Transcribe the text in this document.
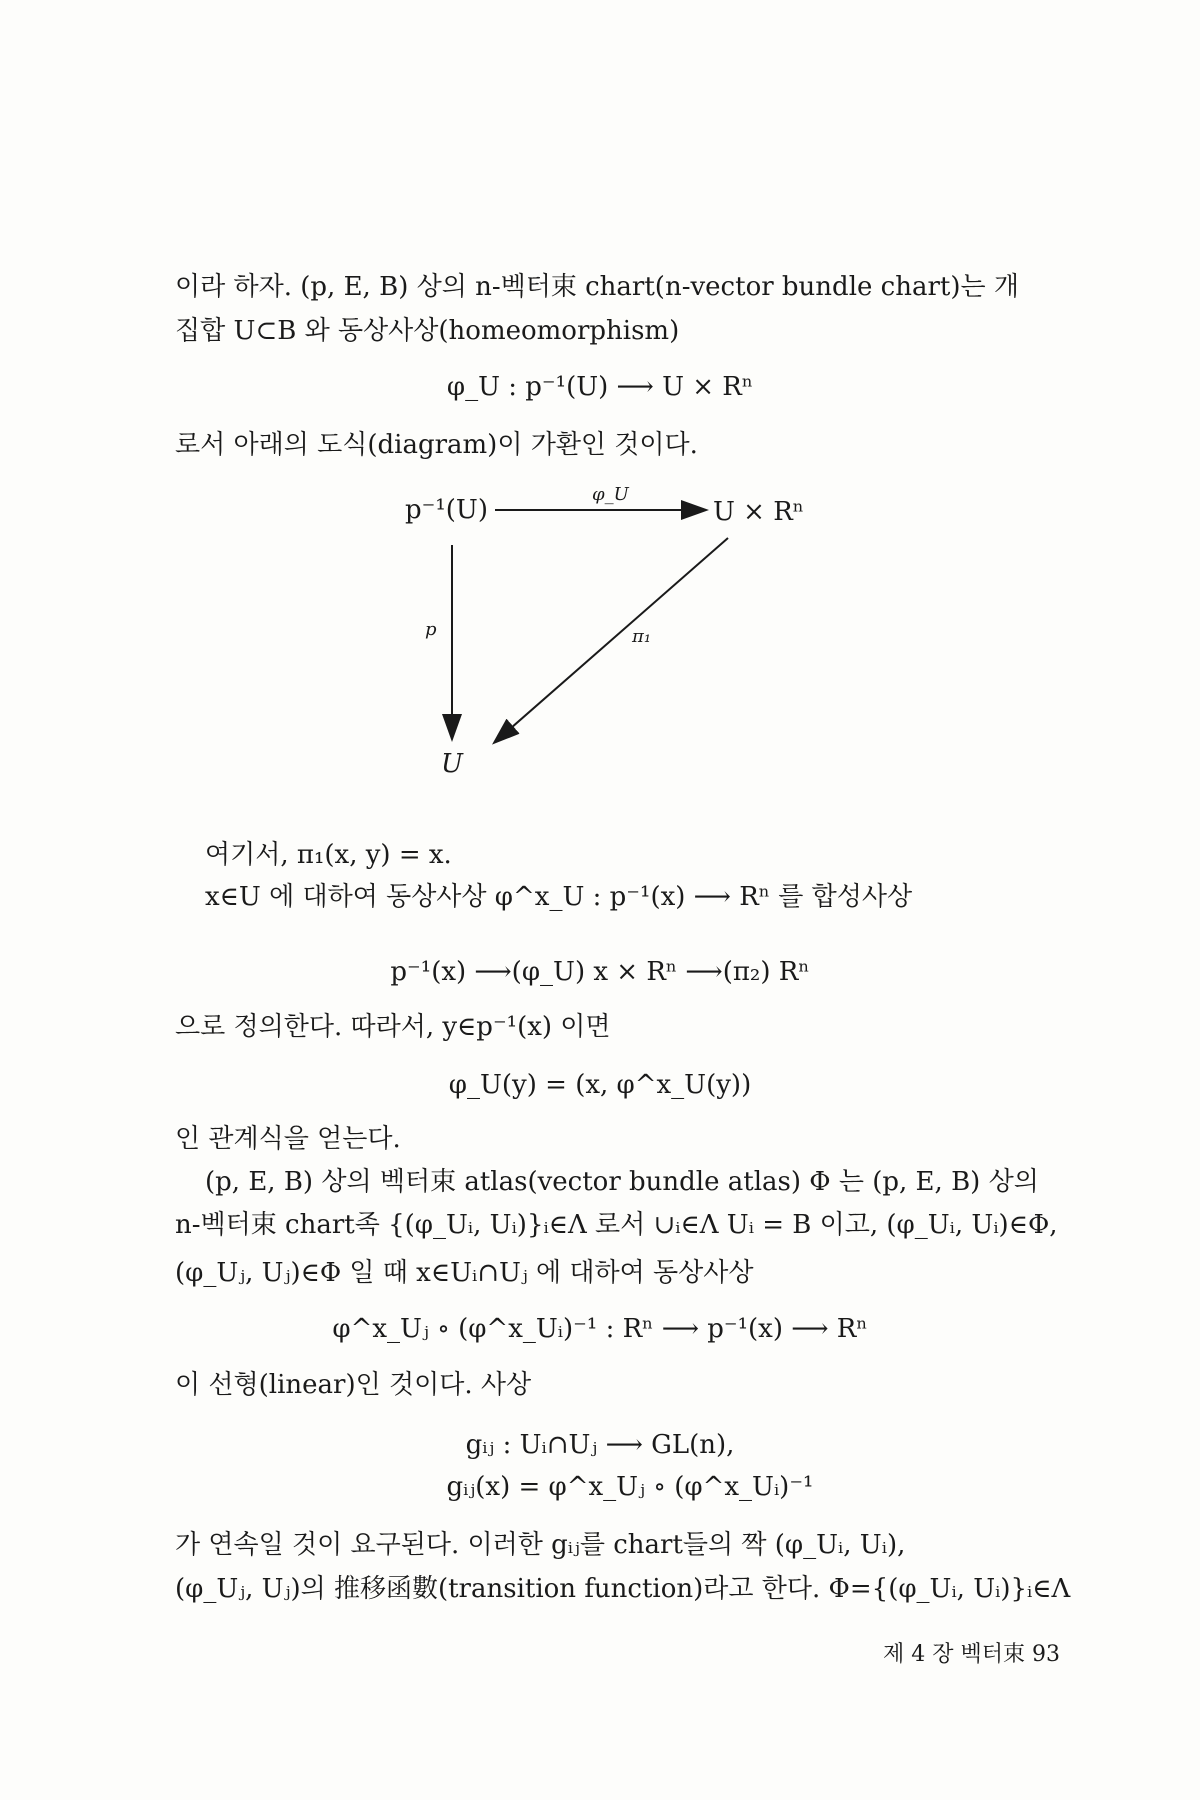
이라 하자. (p, E, B) 상의 n-벡터束 chart(n-vector bundle chart)는 개
집합 U⊂B 와 동상사상(homeomorphism)
φ_U : p⁻¹(U) ⟶ U × Rⁿ
로서 아래의 도식(diagram)이 가환인 것이다.
p⁻¹(U)	U × Rⁿ
U
φ_U
p	π₁
여기서, π₁(x, y) = x.
x∈U 에 대하여 동상사상 φ^x_U : p⁻¹(x) ⟶ Rⁿ 를 합성사상
p⁻¹(x) ⟶(φ_U) x × Rⁿ ⟶(π₂) Rⁿ
으로 정의한다. 따라서, y∈p⁻¹(x) 이면
φ_U(y) = (x, φ^x_U(y))
인 관계식을 얻는다.
(p, E, B) 상의 벡터束 atlas(vector bundle atlas) Φ 는 (p, E, B) 상의
n-벡터束 chart족 {(φ_Uᵢ, Uᵢ)}ᵢ∈Λ 로서 ∪ᵢ∈Λ Uᵢ = B 이고, (φ_Uᵢ, Uᵢ)∈Φ,
(φ_Uⱼ, Uⱼ)∈Φ 일 때 x∈Uᵢ∩Uⱼ 에 대하여 동상사상
φ^x_Uⱼ ∘ (φ^x_Uᵢ)⁻¹ : Rⁿ ⟶ p⁻¹(x) ⟶ Rⁿ
이 선형(linear)인 것이다. 사상
gᵢⱼ : Uᵢ∩Uⱼ ⟶ GL(n),
gᵢⱼ(x) = φ^x_Uⱼ ∘ (φ^x_Uᵢ)⁻¹
가 연속일 것이 요구된다. 이러한 gᵢⱼ를 chart들의 짝 (φ_Uᵢ, Uᵢ),
(φ_Uⱼ, Uⱼ)의 推移函數(transition function)라고 한다. Φ={(φ_Uᵢ, Uᵢ)}ᵢ∈Λ
제 4 장 벡터束 93
